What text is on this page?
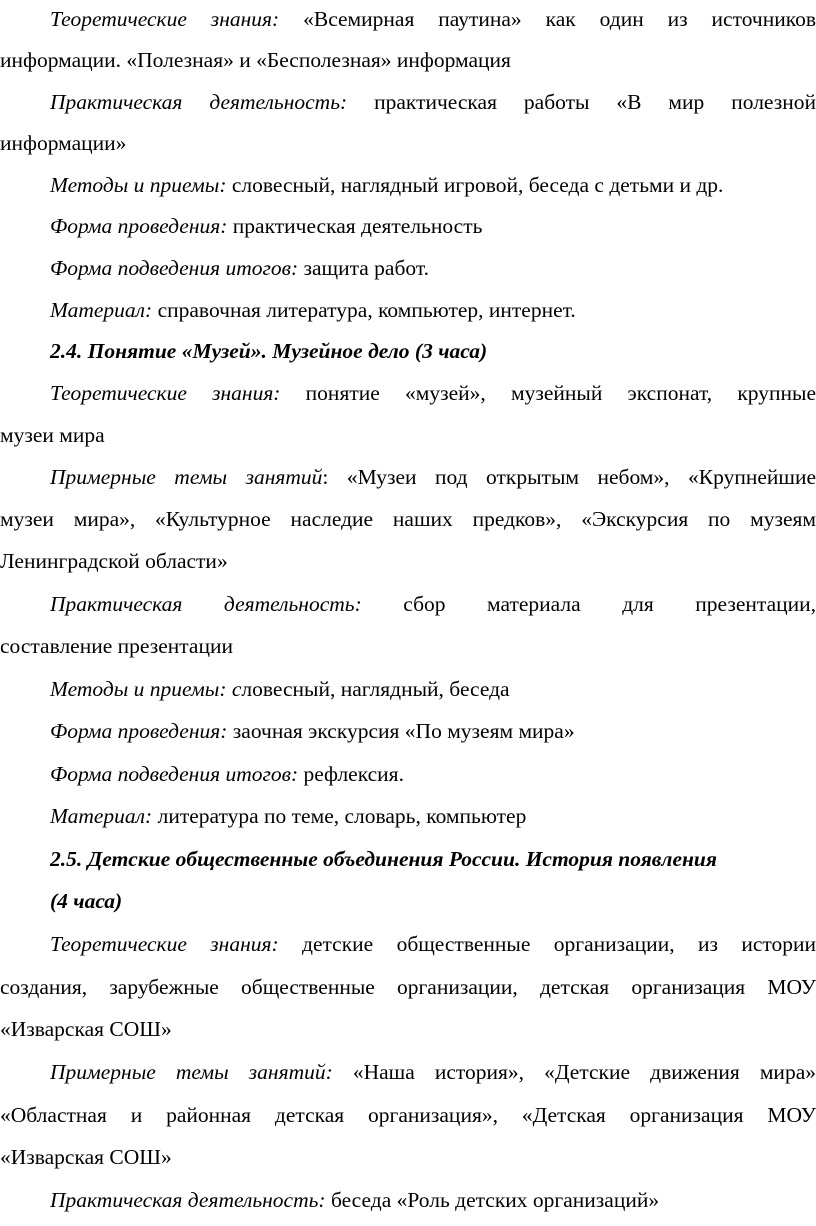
Теоретические знания: «Всемирная паутина» как один из источников
информации. «Полезная» и «Бесполезная» информация
Практическая деятельность: практическая работы «В мир полезной
информации»
Методы и приемы: словесный, наглядный игровой, беседа с детьми и др.
Форма проведения: практическая деятельность
Форма подведения итогов: защита работ.
Материал: справочная литература, компьютер, интернет.
2.4. Понятие «Музей». Музейное дело (3 часа)
Теоретические знания: понятие «музей», музейный экспонат, крупные
музеи мира
Примерные темы занятий: «Музеи под открытым небом», «Крупнейшие
музеи мира», «Культурное наследие наших предков», «Экскурсия по музеям
Ленинградской области»
Практическая деятельность: сбор материала для презентации,
составление презентации
Методы и приемы: словесный, наглядный, беседа
Форма проведения: заочная экскурсия «По музеям мира»
Форма подведения итогов: рефлексия.
Материал: литература по теме, словарь, компьютер
2.5. Детские общественные объединения России. История появления
(4 часа)
Теоретические знания: детские общественные организации, из истории
создания, зарубежные общественные организации, детская организация МОУ
«Изварская СОШ»
Примерные темы занятий: «Наша история», «Детские движения мира»
«Областная и районная детская организация», «Детская организация МОУ
«Изварская СОШ»
Практическая деятельность: беседа «Роль детских организаций»
